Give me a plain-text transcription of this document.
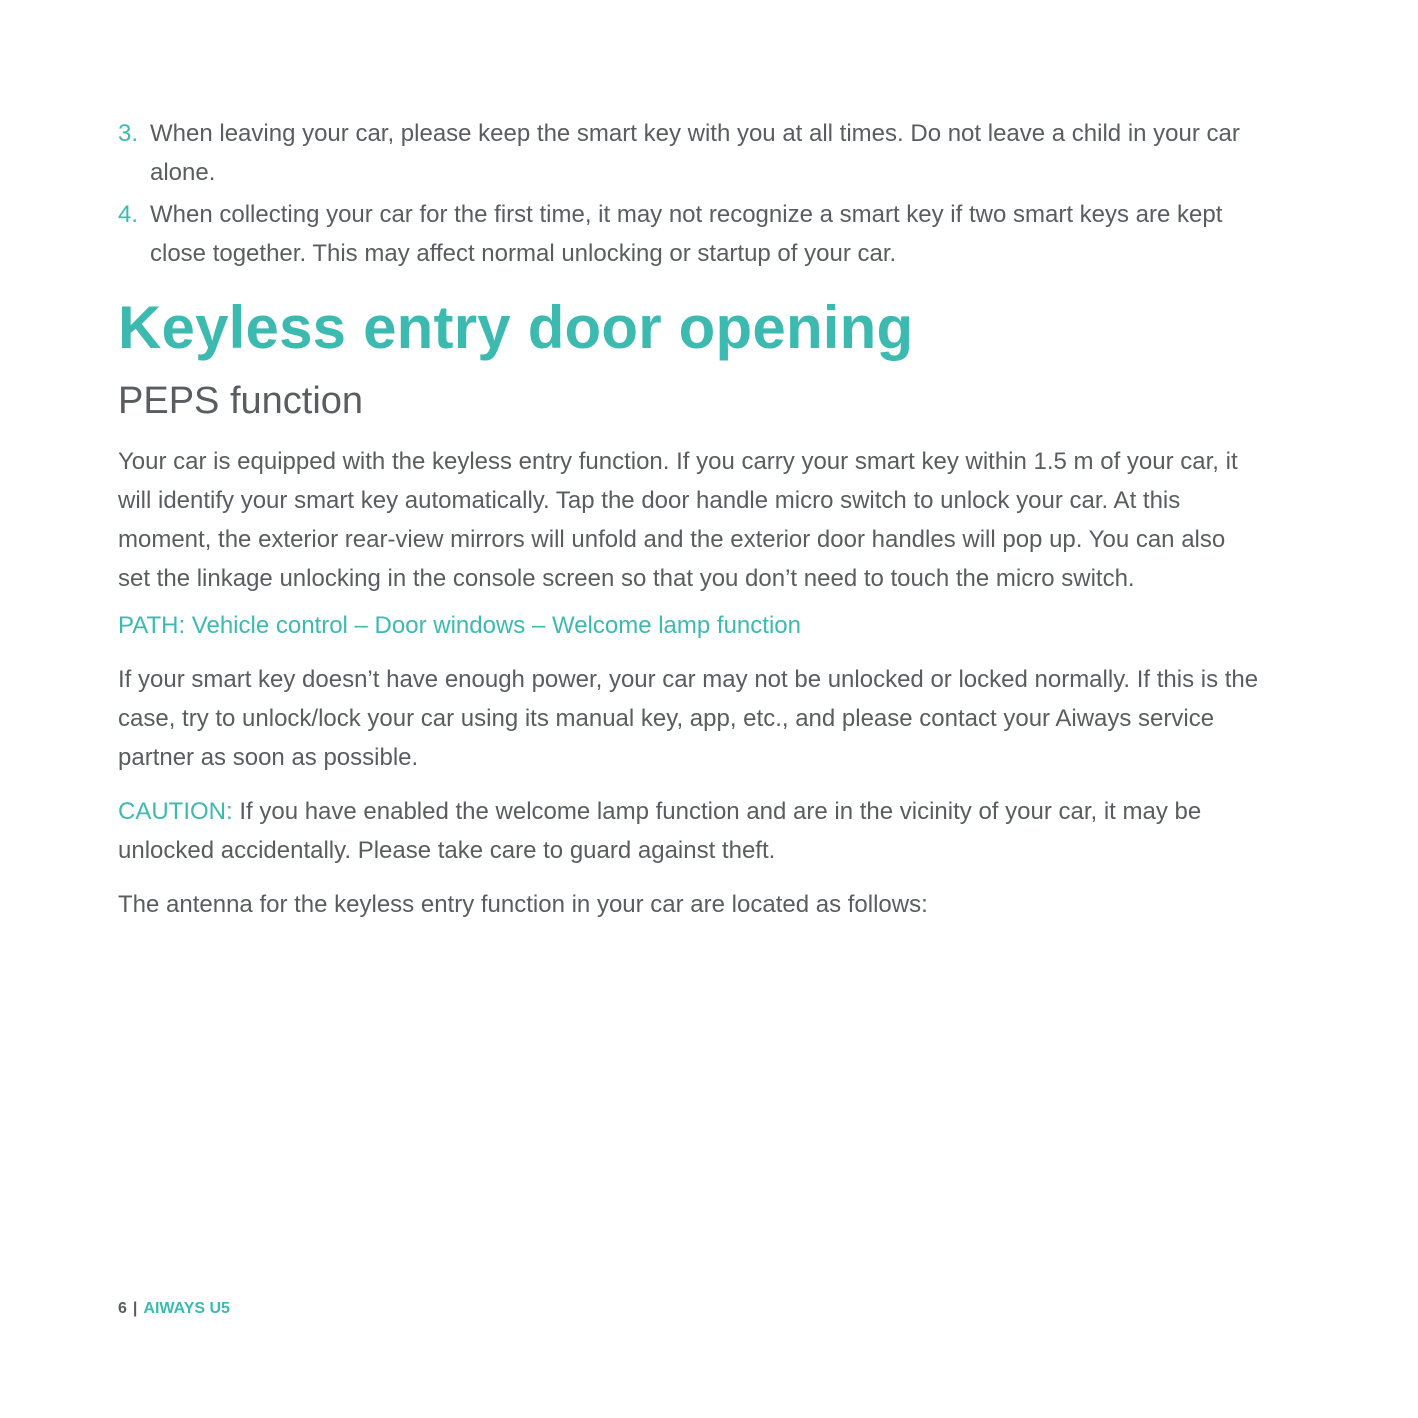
3. When leaving your car, please keep the smart key with you at all times. Do not leave a child in your car alone.
4. When collecting your car for the first time, it may not recognize a smart key if two smart keys are kept close together. This may affect normal unlocking or startup of your car.
Keyless entry door opening
PEPS function

Your car is equipped with the keyless entry function. If you carry your smart key within 1.5 m of your car, it will identify your smart key automatically. Tap the door handle micro switch to unlock your car. At this moment, the exterior rear-view mirrors will unfold and the exterior door handles will pop up. You can also set the linkage unlocking in the console screen so that you don’t need to touch the micro switch.

PATH: Vehicle control – Door windows – Welcome lamp function

If your smart key doesn’t have enough power, your car may not be unlocked or locked normally. If this is the case, try to unlock/lock your car using its manual key, app, etc., and please contact your Aiways service partner as soon as possible.

CAUTION: If you have enabled the welcome lamp function and are in the vicinity of your car, it may be unlocked accidentally. Please take care to guard against theft.

The antenna for the keyless entry function in your car are located as follows:

6 | AIWAYS U5
